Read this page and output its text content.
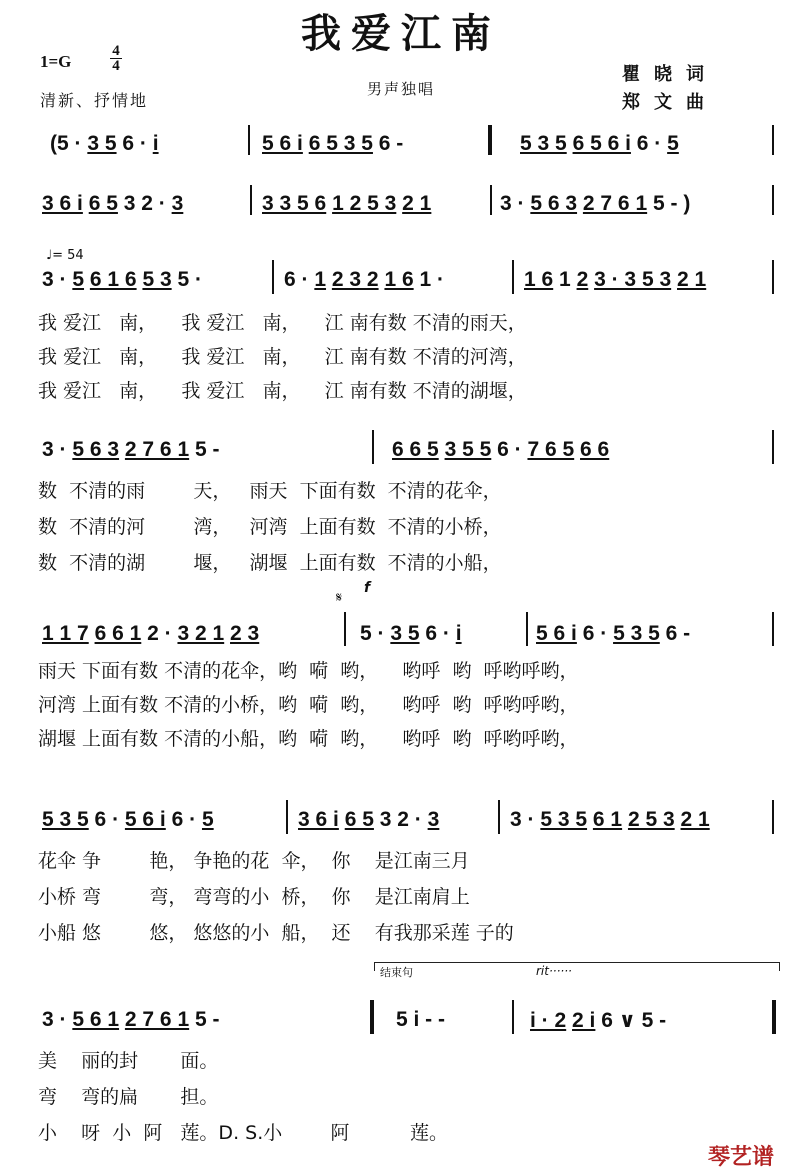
我爱江南
1=G
4
4
清新、抒情地
男声独唱
瞿晓词
郑文曲
(5 · 3 5 6 · i	5 6 i 6 5 3 5 6 -	5 3 5 6 5 6 i 6 · 5
3 6 i 6 5 3 2 · 3	3 3 5 6 1 2 5 3 2 1	3 · 5 6 3 2 7 6 1 5 - )
♩= 54
3 · 5 6 1 6 5 3 5 ·	6 · 1 2 3 2 1 6 1 ·	1 6 1 2 3 · 3 5 3 2 1
我 爱江   南，    我 爱江   南，    江 南有数 不清的雨天，
我 爱江   南，    我 爱江   南，    江 南有数 不清的河湾，
我 爱江   南，    我 爱江   南，    江 南有数 不清的湖堰，
3 · 5 6 3 2 7 6 1 5 -	6 6 5 3 5 5 6 · 7 6 5 6 6
数  不清的雨        天，   雨天  下面有数  不清的花伞，
数  不清的河        湾，   河湾  上面有数  不清的小桥，
数  不清的湖        堰，   湖堰  上面有数  不清的小船，
𝄋
f
1 1 7 6 6 1 2 · 3 2 1 2 3	5 · 3 5 6 · i	5 6 i 6 · 5 3 5 6 -
雨天 下面有数 不清的花伞，哟  嗬  哟，    哟呼  哟  呼哟呼哟，
河湾 上面有数 不清的小桥，哟  嗬  哟，    哟呼  哟  呼哟呼哟，
湖堰 上面有数 不清的小船，哟  嗬  哟，    哟呼  哟  呼哟呼哟，
5 3 5 6 · 5 6 i 6 · 5	3 6 i 6 5 3 2 · 3	3 · 5 3 5 6 1 2 5 3 2 1
花伞 争        艳， 争艳的花  伞，  你    是江南三月
小桥 弯        弯， 弯弯的小  桥，  你    是江南肩上
小船 悠        悠， 悠悠的小  船，  还    有我那采莲 子的
结束句	rit······
3 · 5 6 1 2 7 6 1 5 -	5 i - -	i · 2 2 i 6 ∨ 5 -
美    丽的封       面。
弯    弯的扁       担。
小    呀  小  阿   莲。D. S.小        阿          莲。
琴艺谱
